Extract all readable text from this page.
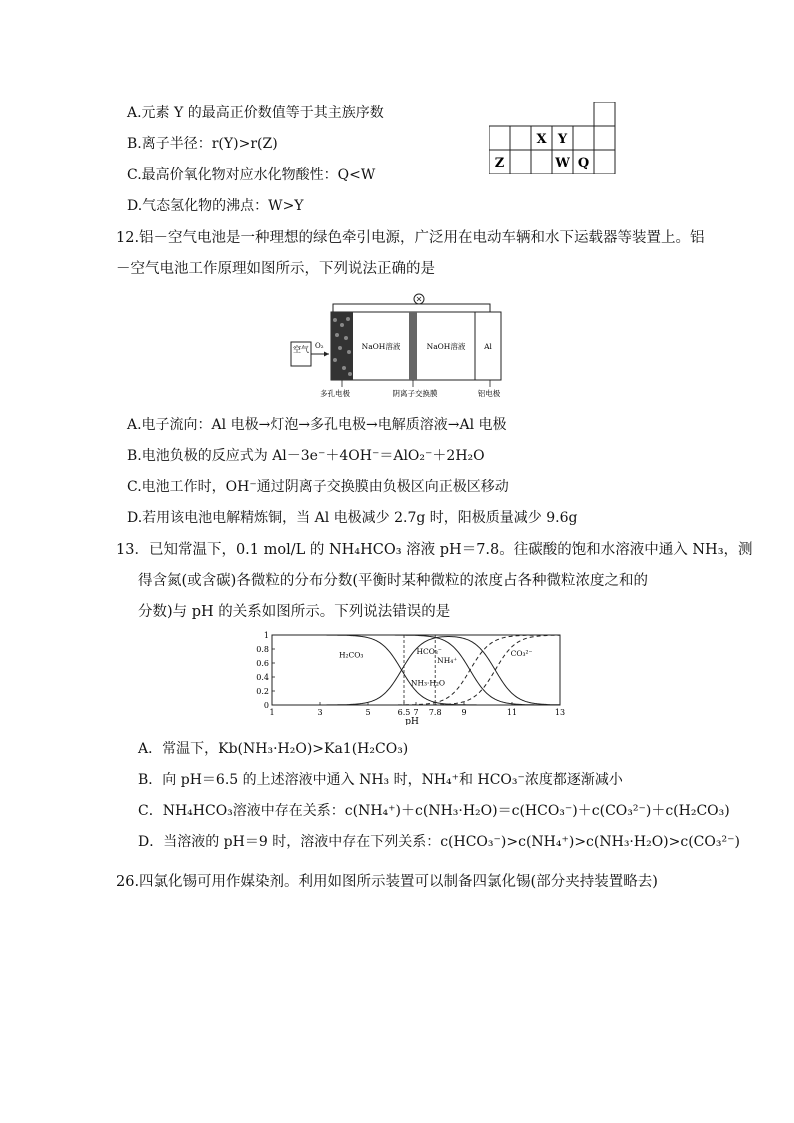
A.元素 Y 的最高正价数值等于其主族序数
B.离子半径：r(Y)>r(Z)
C.最高价氧化物对应水化物酸性：Q<W
D.气态氢化物的沸点：W>Y
X Y
Z	W Q
12.铝－空气电池是一种理想的绿色牵引电源，广泛用在电动车辆和水下运载器等装置上。铝
－空气电池工作原理如图所示，下列说法正确的是
空气 O₂	NaOH溶液	NaOH溶液 Al
多孔电极	阴离子交换膜	铝电极
A.电子流向：Al 电极→灯泡→多孔电极→电解质溶液→Al 电极
B.电池负极的反应式为 Al－3e⁻＋4OH⁻＝AlO₂⁻＋2H₂O
C.电池工作时，OH⁻通过阴离子交换膜由负极区向正极区移动
D.若用该电池电解精炼铜，当 Al 电极减少 2.7g 时，阳极质量减少 9.6g
13．已知常温下，0.1 mol/L 的 NH₄HCO₃ 溶液 pH＝7.8。往碳酸的饱和水溶液中通入 NH₃，测
得含氮(或含碳)各微粒的分布分数(平衡时某种微粒的浓度占各种微粒浓度之和的
分数)与 pH 的关系如图所示。下列说法错误的是
0
0.2
0.4
0.6
0.8
1
1	3	5	6.5 7 7.8 9	11	13
pH
H₂CO₃	HCO₃⁻	CO₃²⁻
NH₄⁺
NH₃·H₂O
A．常温下，Kb(NH₃·H₂O)>Ka1(H₂CO₃)
B．向 pH＝6.5 的上述溶液中通入 NH₃ 时，NH₄⁺和 HCO₃⁻浓度都逐渐减小
C．NH₄HCO₃溶液中存在关系：c(NH₄⁺)＋c(NH₃·H₂O)＝c(HCO₃⁻)＋c(CO₃²⁻)＋c(H₂CO₃)
D．当溶液的 pH＝9 时，溶液中存在下列关系：c(HCO₃⁻)>c(NH₄⁺)>c(NH₃·H₂O)>c(CO₃²⁻)
26.四氯化锡可用作媒染剂。利用如图所示装置可以制备四氯化锡(部分夹持装置略去)
